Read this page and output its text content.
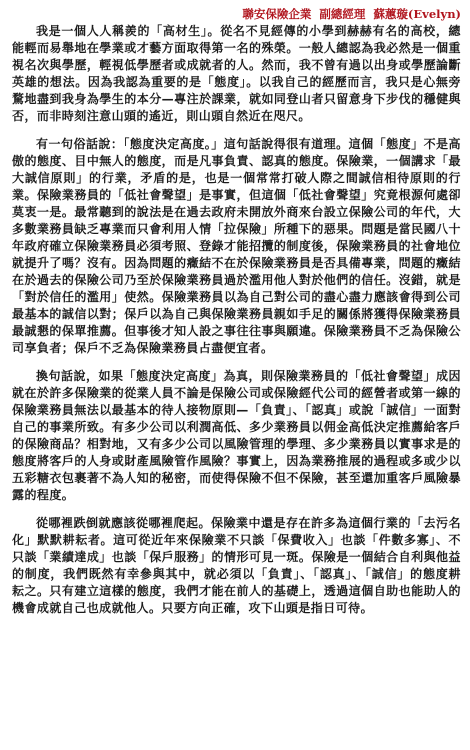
聯安保險企業 副總經理 蘇蕙璇(Evelyn)

我是一個人人稱羨的「高材生」。從名不見經傳的小學到赫赫有名的高校，總能輕而易舉地在學業或才藝方面取得第一名的殊榮。一般人總認為我必然是一個重視名次與學歷，輕視低學歷者或成就者的人。然而，我不曾有過以出身或學歷論斷英雄的想法。因為我認為重要的是「態度」。以我自己的經歷而言，我只是心無旁騖地盡到我身為學生的本分—專注於課業，就如同登山者只留意身下步伐的穩健與否，而非時刻注意山頭的遙近，則山頭自然近在咫尺。

有一句俗話說：「態度決定高度。」這句話說得很有道理。這個「態度」不是高傲的態度、目中無人的態度，而是凡事負責、認真的態度。保險業，一個講求「最大誠信原則」的行業，矛盾的是，也是一個常常打破人際之間誠信相待原則的行業。保險業務員的「低社會聲望」是事實，但這個「低社會聲望」究竟根源何處卻莫衷一是。最常聽到的說法是在過去政府未開放外商來台設立保險公司的年代，大多數業務員缺乏專業而只會利用人情「拉保險」所種下的惡果。問題是當民國八十年政府確立保險業務員必須考照、登錄才能招攬的制度後，保險業務員的社會地位就提升了嗎？沒有。因為問題的癥結不在於保險業務員是否具備專業，問題的癥結在於過去的保險公司乃至於保險業務員過於濫用他人對於他們的信任。沒錯，就是「對於信任的濫用」使然。保險業務員以為自己對公司的盡心盡力應該會得到公司最基本的誠信以對；保戶以為自己與保險業務員親如手足的關係將獲得保險業務員最誠懇的保單推薦。但事後才知人設之事往往事與願違。保險業務員不乏為保險公司享負者；保戶不乏為保險業務員占盡便宜者。

換句話說，如果「態度決定高度」為真，則保險業務員的「低社會聲望」成因就在於許多保險業的從業人員不論是保險公司或保險經代公司的經營者或第一線的保險業務員無法以最基本的待人接物原則—「負責」、「認真」或說「誠信」一面對自己的事業所致。有多少公司以利潤高低、多少業務員以佣金高低決定推薦給客戶的保險商品？相對地，又有多少公司以風險管理的學理、多少業務員以實事求是的態度將客戶的人身或財產風險管作風險？事實上，因為業務推展的過程或多或少以五彩糖衣包裹著不為人知的秘密，而使得保險不但不保險，甚至還加重客戶風險暴露的程度。

從哪裡跌倒就應該從哪裡爬起。保險業中還是存在許多為這個行業的「去污名化」默默耕耘者。這可從近年來保險業不只談「保費收入」也談「件數多寡」、不只談「業績達成」也談「保戶服務」的情形可見一斑。保險是一個結合自利與他益的制度，我們既然有幸參與其中，就必須以「負責」、「認真」、「誠信」的態度耕耘之。只有建立這樣的態度，我們才能在前人的基礎上，透過這個自助也能助人的機會成就自己也成就他人。只要方向正確，攻下山頭是指日可待。
